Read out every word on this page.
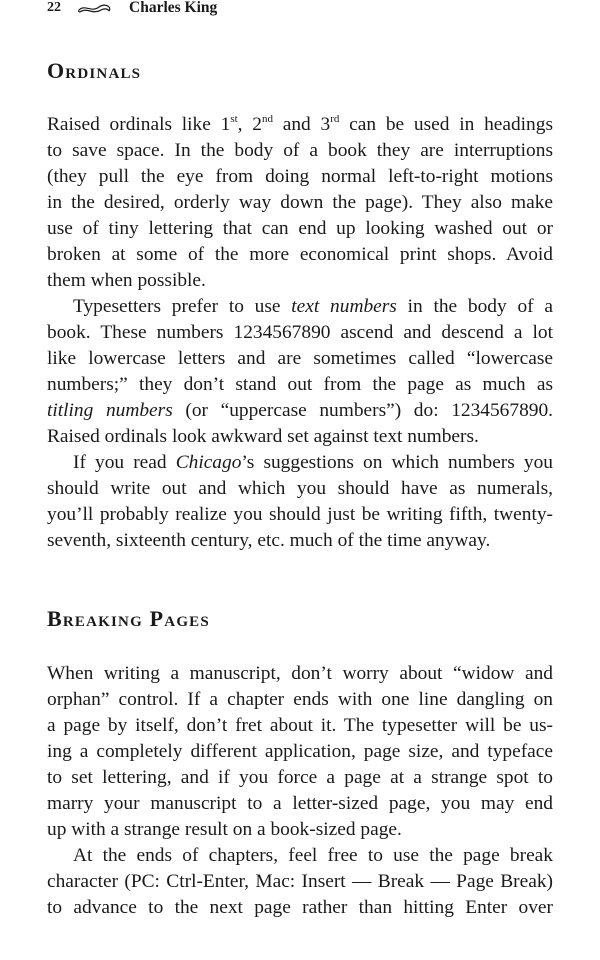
22	Charles King
Ordinals
Raised ordinals like 1st, 2nd and 3rd can be used in headings
to save space. In the body of a book they are interruptions
(they pull the eye from doing normal left-to-right motions
in the desired, orderly way down the page). They also make
use of tiny lettering that can end up looking washed out or
broken at some of the more economical print shops. Avoid
them when possible.
Typesetters prefer to use text numbers in the body of a
book. These numbers 1234567890 ascend and descend a lot
like lowercase letters and are sometimes called “lowercase
numbers;” they don’t stand out from the page as much as
titling numbers (or “uppercase numbers”) do: 1234567890.
Raised ordinals look awkward set against text numbers.
If you read Chicago’s suggestions on which numbers you
should write out and which you should have as numerals,
you’ll probably realize you should just be writing fifth, twenty-
seventh, sixteenth century, etc. much of the time anyway.
Breaking Pages
When writing a manuscript, don’t worry about “widow and
orphan” control. If a chapter ends with one line dangling on
a page by itself, don’t fret about it. The typesetter will be us-
ing a completely different application, page size, and typeface
to set lettering, and if you force a page at a strange spot to
marry your manuscript to a letter-sized page, you may end
up with a strange result on a book-sized page.
At the ends of chapters, feel free to use the page break
character (PC: Ctrl-Enter, Mac: Insert — Break — Page Break)
to advance to the next page rather than hitting Enter over
